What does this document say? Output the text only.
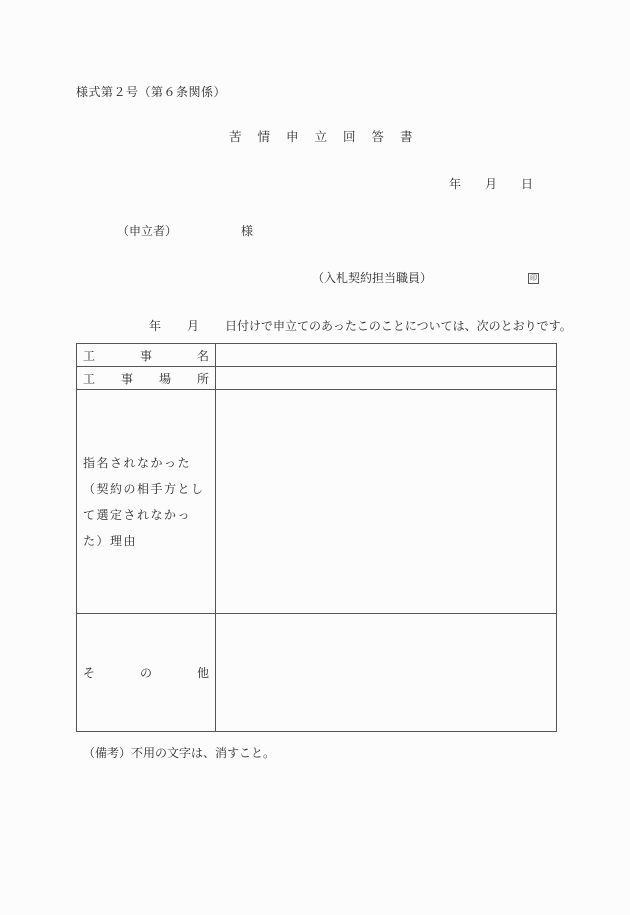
様式第２号（第６条関係）
苦情申立回答書
年 月 日
（申立者）	様
（入札契約担当職員）	印
年 月 日付けで申立てのあったこのことについては、次のとおりです。
工 事 名	

工 事 場 所	

指名されなかった（契約の相手方として選定されなかった）理由	

そ の 他	

（備考）不用の文字は、消すこと。
